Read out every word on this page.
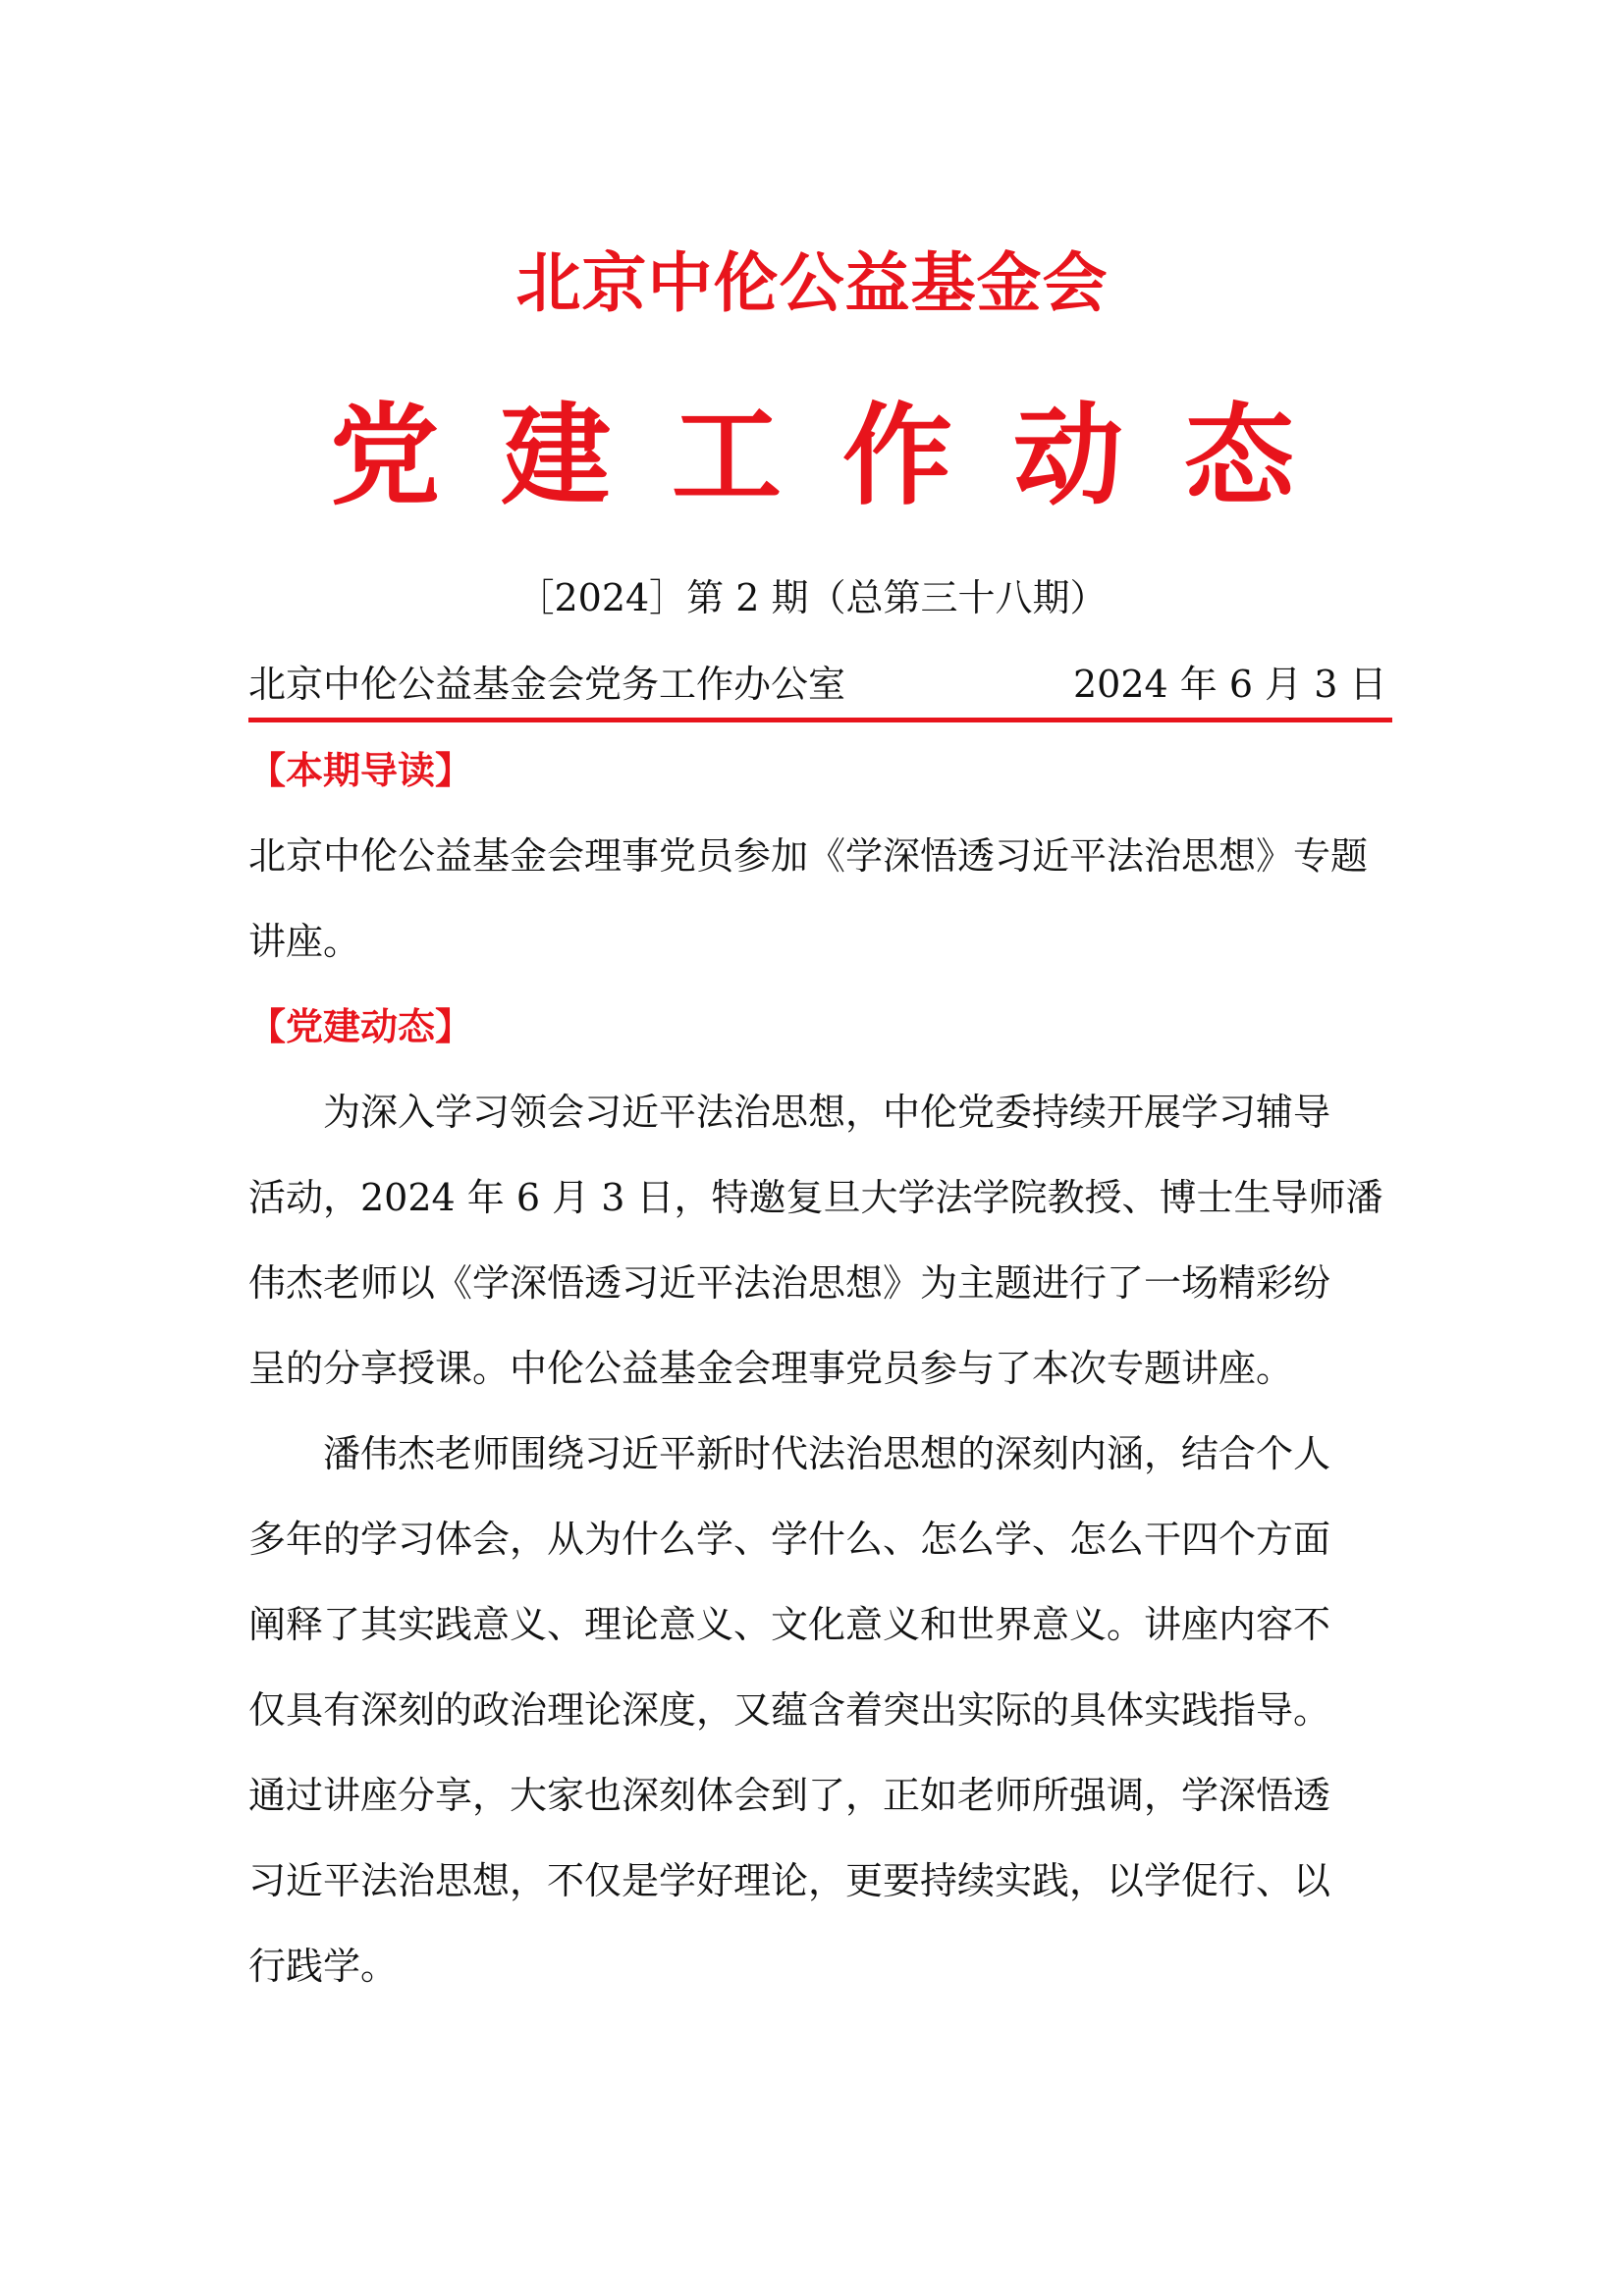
北京中伦公益基金会
党建工作动态
［2024］第 2 期（总第三十八期）
北京中伦公益基金会党务工作办公室	2024 年 6 月 3 日
【本期导读】
北京中伦公益基金会理事党员参加《学深悟透习近平法治思想》专题
讲座。
【党建动态】
　　为深入学习领会习近平法治思想，中伦党委持续开展学习辅导
活动，2024 年 6 月 3 日，特邀复旦大学法学院教授、博士生导师潘
伟杰老师以《学深悟透习近平法治思想》为主题进行了一场精彩纷
呈的分享授课。中伦公益基金会理事党员参与了本次专题讲座。
　　潘伟杰老师围绕习近平新时代法治思想的深刻内涵，结合个人
多年的学习体会，从为什么学、学什么、怎么学、怎么干四个方面
阐释了其实践意义、理论意义、文化意义和世界意义。讲座内容不
仅具有深刻的政治理论深度，又蕴含着突出实际的具体实践指导。
通过讲座分享，大家也深刻体会到了，正如老师所强调，学深悟透
习近平法治思想，不仅是学好理论，更要持续实践，以学促行、以
行践学。
